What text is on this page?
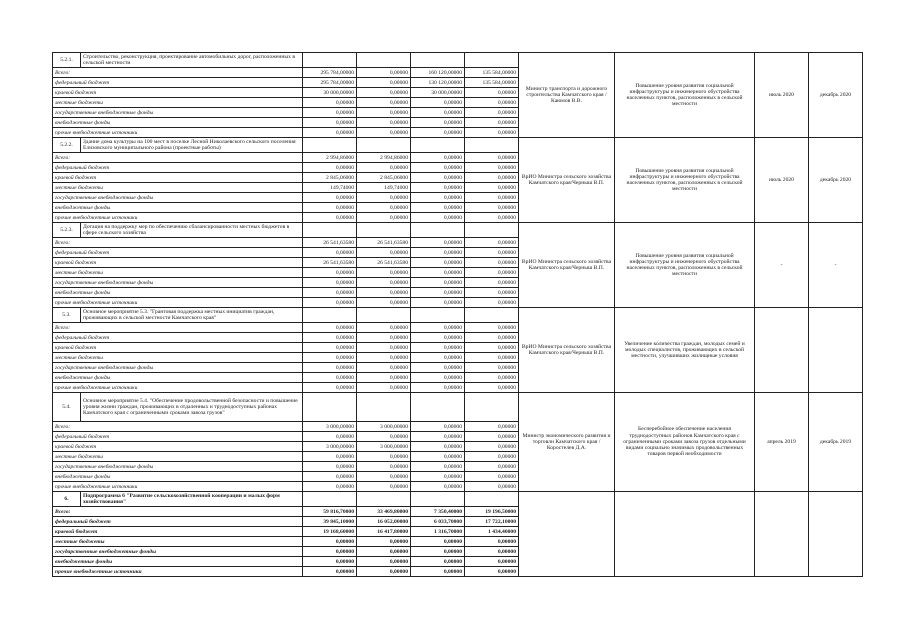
5.2.1.	Строительство, реконструкция, проектирование автомобильных дорог, расположенных в сельской местности					Министр транспорта и дорожного строительства Камчатского края / Каюмов В.В.	Повышение уровня развития социальной инфраструктуры и инженерного обустройства населенных пунктов, расположенных в сельской местности	июль 2020	декабрь 2020
Всего:		295 784,00000	0,00000	160 120,00000	135 584,00000				
федеральный бюджет		295 784,00000	0,00000	130 120,00000	135 584,00000				
краевой бюджет		30 000,00000	0,00000	30 000,00000	0,00000				
местные бюджеты		0,00000	0,00000	0,00000	0,00000				
государственные внебюджетные фонды		0,00000	0,00000	0,00000	0,00000				
внебюджетные фонды		0,00000	0,00000	0,00000	0,00000				
прочие внебюджетные источники		0,00000	0,00000	0,00000	0,00000				
5.2.2.	Здание дома культуры на 100 мест в поселке Лесной Николаевского сельского поселения Елизовского муниципального района (проектные работы)					ВрИО Министра сельского хозяйства Камчатского края/Черныш В.П.	Повышение уровня развития социальной инфраструктуры и инженерного обустройства населенных пунктов, расположенных в сельской местности	июль 2020	декабрь 2020
Всего:		2 994,86000	2 994,86000	0,00000	0,00000				
федеральный бюджет		0,00000	0,00000	0,00000	0,00000				
краевой бюджет		2 845,06000	2 845,06000	0,00000	0,00000				
местные бюджеты		149,74000	149,74000	0,00000	0,00000				
государственные внебюджетные фонды		0,00000	0,00000	0,00000	0,00000				
внебюджетные фонды		0,00000	0,00000	0,00000	0,00000				
прочие внебюджетные источники		0,00000	0,00000	0,00000	0,00000				
5.2.3.	Дотация на поддержку мер по обеспечению сбалансированности местных бюджетов в сфере сельского хозяйства					ВрИО Министра сельского хозяйства Камчатского края/Черныш В.П.	Повышение уровня развития социальной инфраструктуры и инженерного обустройства населенных пунктов, расположенных в сельской местности	-	-
Всего:		26 541,63580	26 541,63580	0,00000	0,00000				
федеральный бюджет		0,00000	0,00000	0,00000	0,00000				
краевой бюджет		26 541,63580	26 541,63580	0,00000	0,00000				
местные бюджеты		0,00000	0,00000	0,00000	0,00000				
государственные внебюджетные фонды		0,00000	0,00000	0,00000	0,00000				
внебюджетные фонды		0,00000	0,00000	0,00000	0,00000				
прочие внебюджетные источники		0,00000	0,00000	0,00000	0,00000				
5.3.	Основное мероприятие 5.3. "Грантовая поддержка местных инициатив граждан, проживающих в сельской местности Камчатского края"					ВрИО Министра сельского хозяйства Камчатского края/Черныш В.П.	Увеличение количества граждан, молодых семей и молодых специалистов, проживающих в сельской местности, улучшивших жилищные условия		
Всего:		0,00000	0,00000	0,00000	0,00000				
федеральный бюджет		0,00000	0,00000	0,00000	0,00000				
краевой бюджет		0,00000	0,00000	0,00000	0,00000				
местные бюджеты		0,00000	0,00000	0,00000	0,00000				
государственные внебюджетные фонды		0,00000	0,00000	0,00000	0,00000				
внебюджетные фонды		0,00000	0,00000	0,00000	0,00000				
прочие внебюджетные источники		0,00000	0,00000	0,00000	0,00000				
5.4.	Основное мероприятие 5.4. "Обеспечение продовольственной безопасности и повышение уровня жизни граждан, проживающих в отдаленных и труднодоступных районах Камчатского края с ограниченными сроками завоза грузов"					Министр экономического развития и торговли Камчатского края / Коростелев Д.А.	Бесперебойное обеспечение населения труднодоступных районов Камчатского края с ограниченными сроками завоза грузов отдельными видами социально значимых продовольственных товаров первой необходимости	апрель 2019	декабрь 2019
Всего:		3 000,00000	3 000,00000	0,00000	0,00000				
федеральный бюджет		0,00000	0,00000	0,00000	0,00000				
краевой бюджет		3 000,00000	3 000,00000	0,00000	0,00000				
местные бюджеты		0,00000	0,00000	0,00000	0,00000				
государственные внебюджетные фонды		0,00000	0,00000	0,00000	0,00000				
внебюджетные фонды		0,00000	0,00000	0,00000	0,00000				
прочие внебюджетные источники		0,00000	0,00000	0,00000	0,00000				
6.	Подпрограмма 6 "Развитие сельскохозяйственной кооперации и малых форм хозяйствования"								
Всего:		59 816,70000	33 469,80000	7 350,40000	19 196,50000				
федеральный бюджет		39 845,10000	16 052,00000	6 033,70000	17 722,10000				
краевой бюджет		19 168,60000	16 417,80000	1 316,70000	1 434,40000				
местные бюджеты		0,00000	0,00000	0,00000	0,00000				
государственные внебюджетные фонды		0,00000	0,00000	0,00000	0,00000				
внебюджетные фонды		0,00000	0,00000	0,00000	0,00000				
прочие внебюджетные источники		0,00000	0,00000	0,00000	0,00000				
